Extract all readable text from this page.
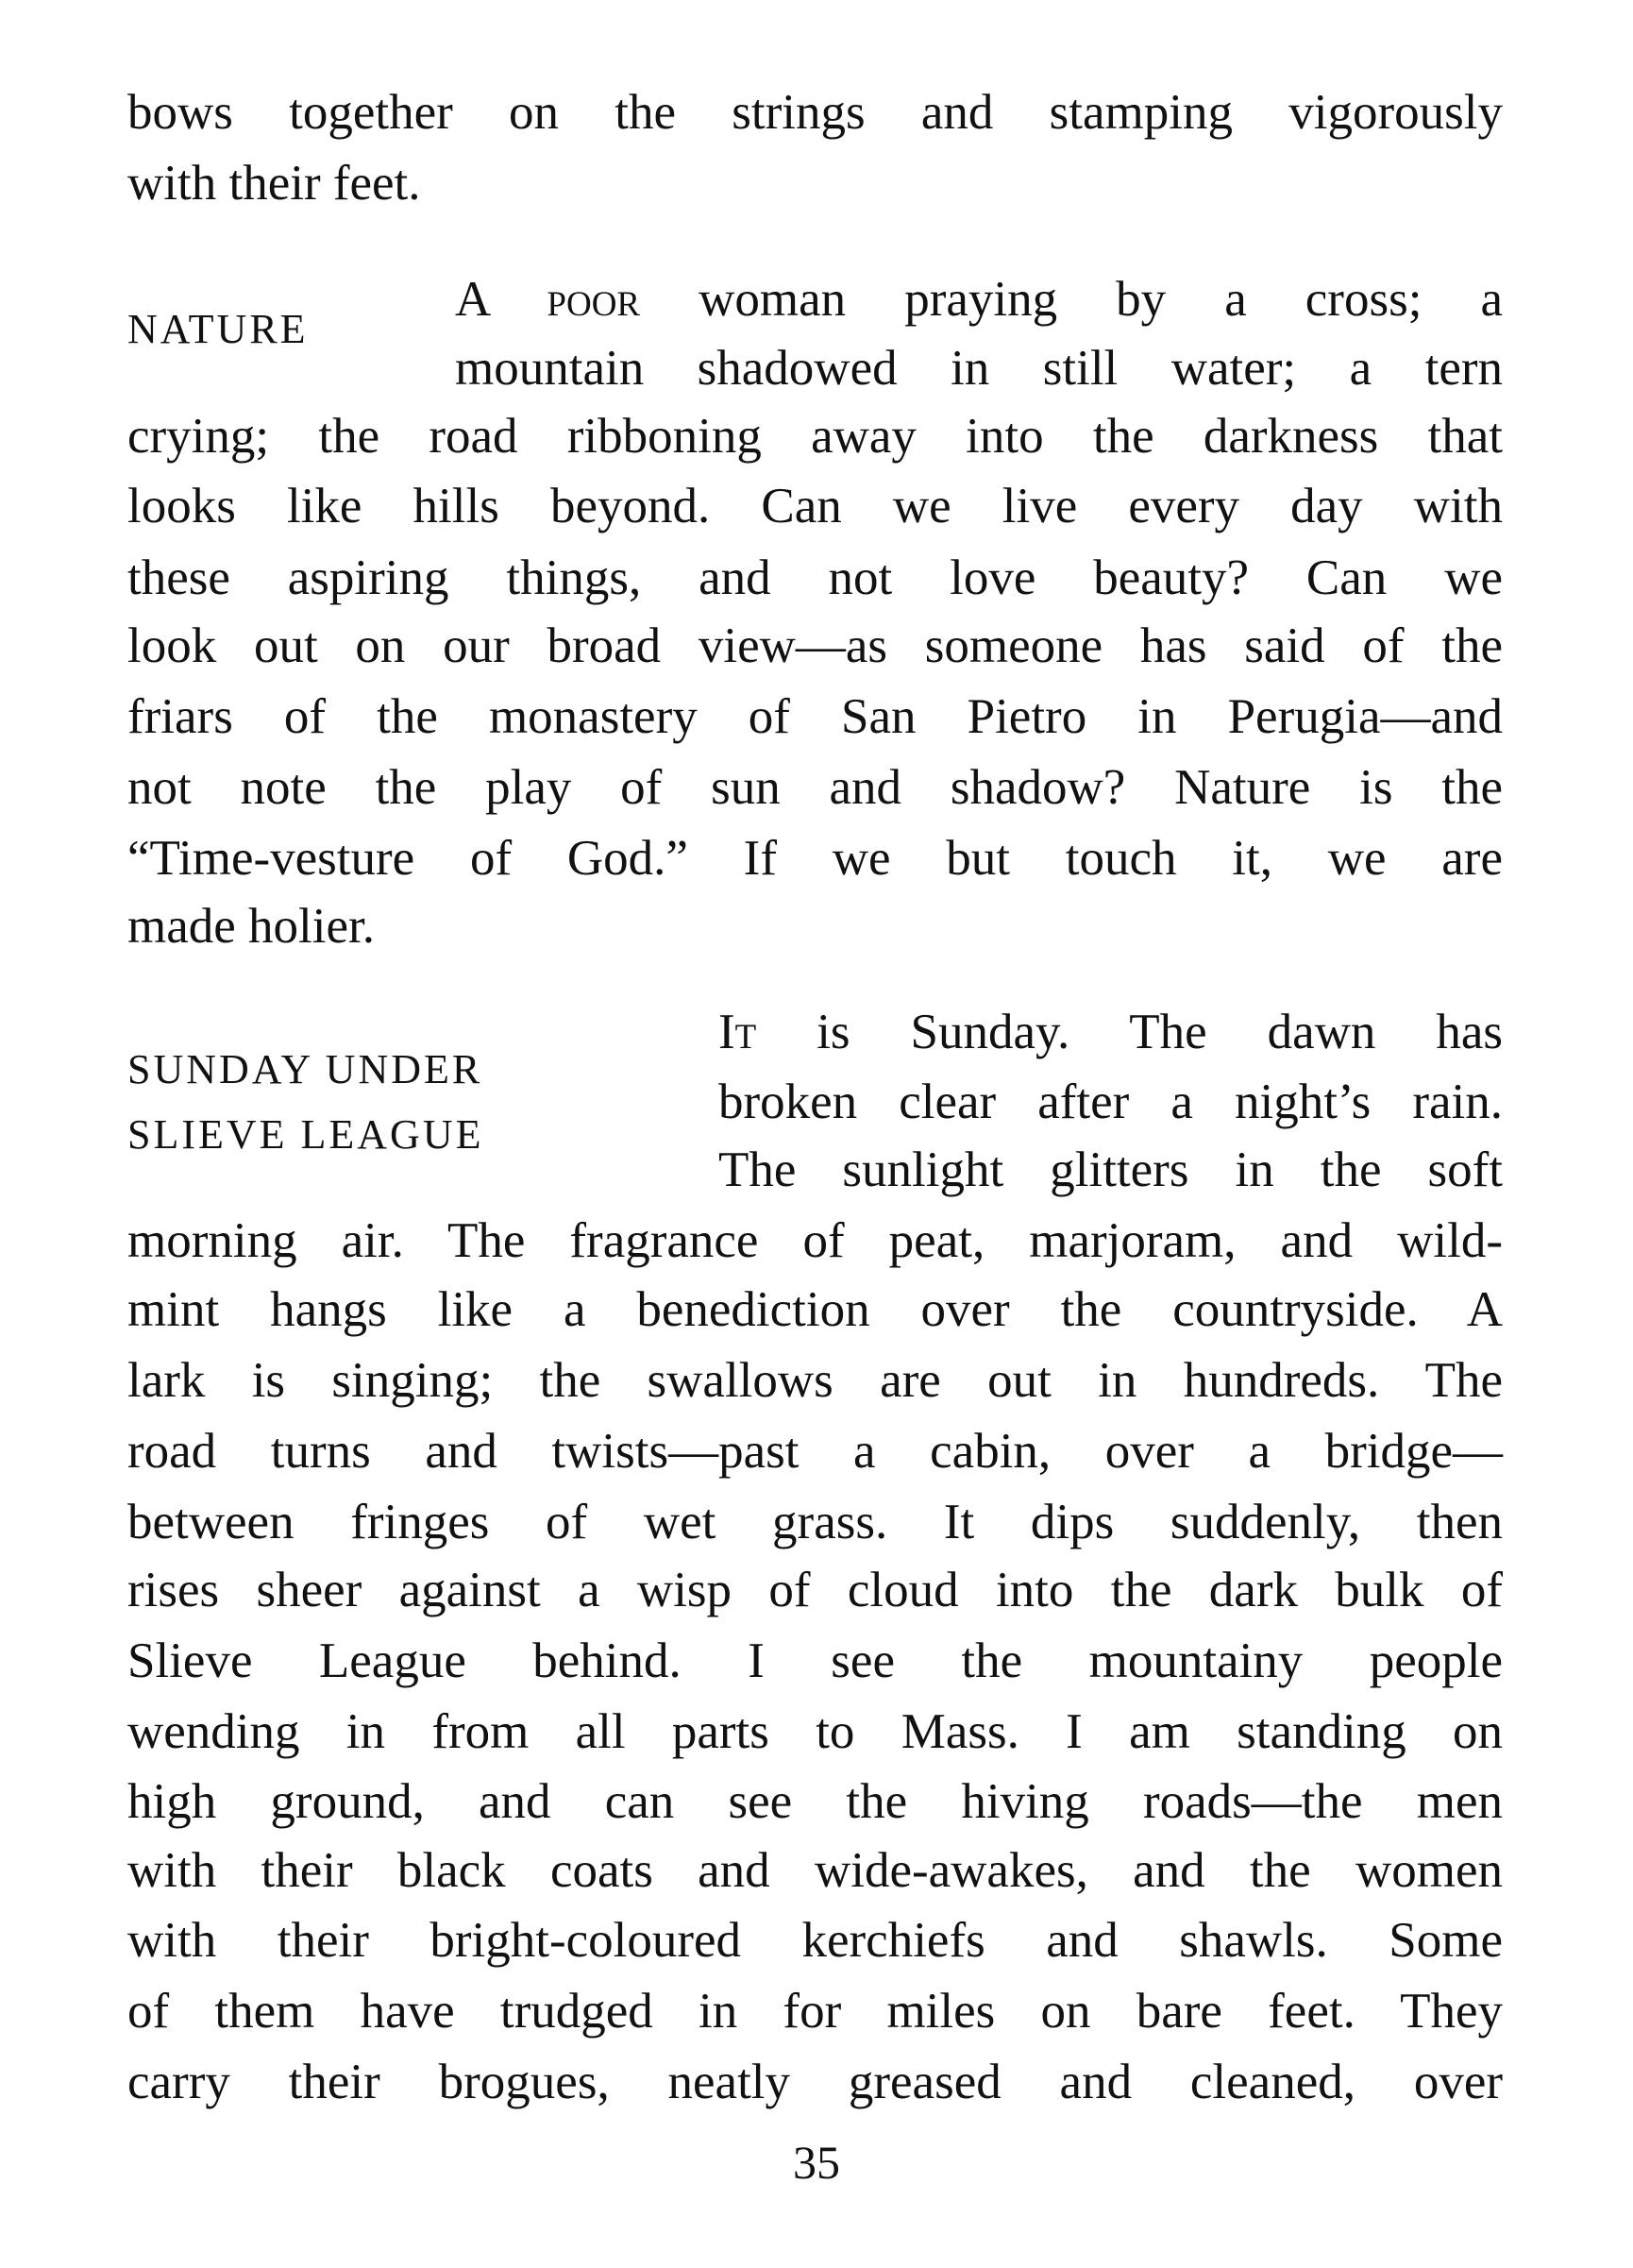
35
bows together on the strings and stamping vigorously
with their feet.
NATURE
A poor woman praying by a cross; a
mountain shadowed in still water; a tern
crying; the road ribboning away into the darkness that
looks like hills beyond. Can we live every day with
these aspiring things, and not love beauty? Can we
look out on our broad view—as someone has said of the
friars of the monastery of San Pietro in Perugia—and
not note the play of sun and shadow? Nature is the
“Time-vesture of God.” If we but touch it, we are
made holier.
SUNDAY UNDER
SLIEVE LEAGUE
It is Sunday. The dawn has
broken clear after a night’s rain.
The sunlight glitters in the soft
morning air. The fragrance of peat, marjoram, and wild-
mint hangs like a benediction over the countryside. A
lark is singing; the swallows are out in hundreds. The
road turns and twists—past a cabin, over a bridge—
between fringes of wet grass. It dips suddenly, then
rises sheer against a wisp of cloud into the dark bulk of
Slieve League behind. I see the mountainy people
wending in from all parts to Mass. I am standing on
high ground, and can see the hiving roads—the men
with their black coats and wide-awakes, and the women
with their bright-coloured kerchiefs and shawls. Some
of them have trudged in for miles on bare feet. They
carry their brogues, neatly greased and cleaned, over
